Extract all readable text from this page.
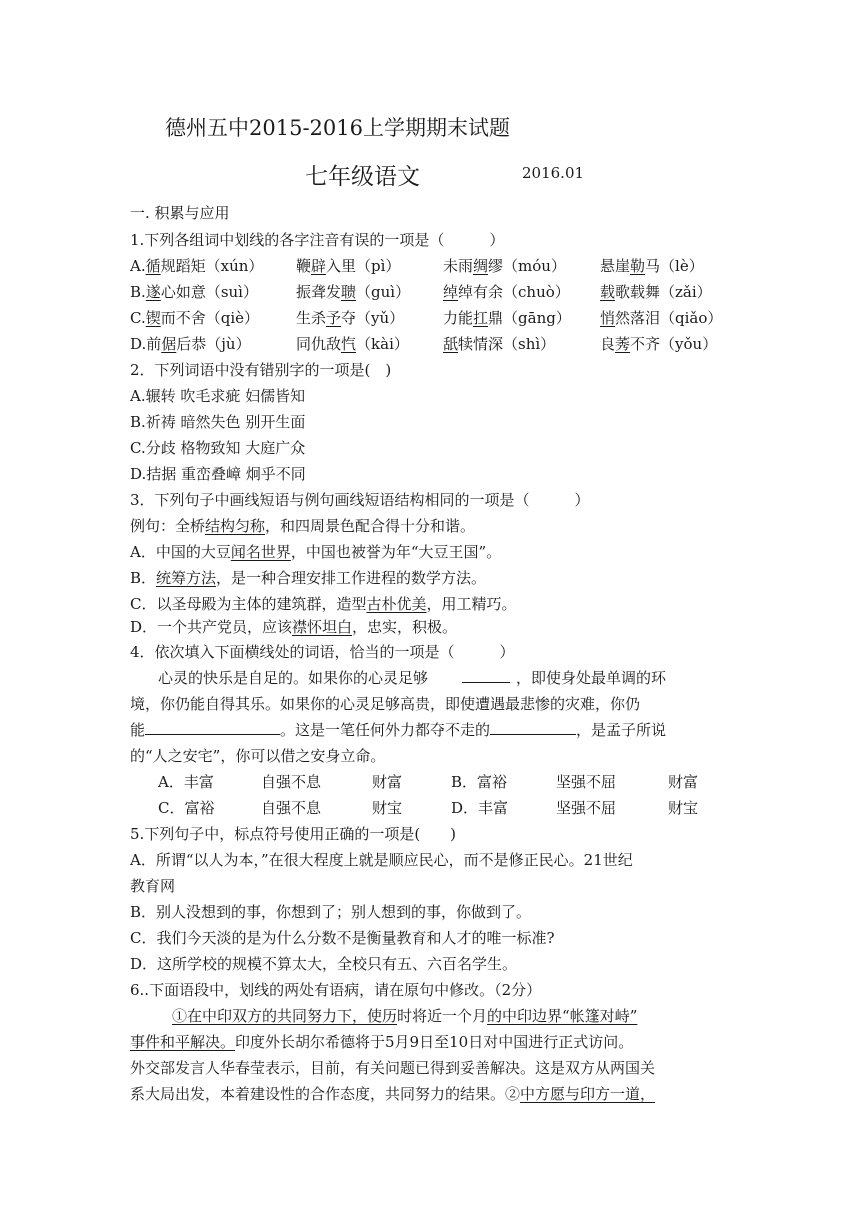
德州五中2015-2016上学期期末试题
七年级语文	2016.01
一. 积累与应用
1.下列各组词中划线的各字注音有误的一项是（　　　）
A.循规蹈矩（xún） 鞭辟入里（pì）	未雨绸缪（móu） 悬崖勒马（lè）
B.遂心如意（suì）	振聋发聩（guì） 绰绰有余（chuò） 载歌载舞（zǎi）
C.锲而不舍（qiè） 生杀予夺（yǔ）	力能扛鼎（gāng） 悄然落泪（qiǎo）
D.前倨后恭（jù）	同仇敌忾（kài） 舐犊情深（shì）	良莠不齐（yǒu）
2．下列词语中没有错别字的一项是(　)
A.辗转 吹毛求疵 妇儒皆知
B.祈祷 暗然失色 别开生面
C.分歧 格物致知 大庭广众
D.拮据 重峦叠嶂 炯乎不同
3．下列句子中画线短语与例句画线短语结构相同的一项是（　　　）
例句：全桥结构匀称，和四周景色配合得十分和谐。
A．中国的大豆闻名世界，中国也被誉为年“大豆王国”。
B．统筹方法，是一种合理安排工作进程的数学方法。
C．以圣母殿为主体的建筑群，造型古朴优美，用工精巧。
D．一个共产党员，应该襟怀坦白，忠实，积极。
4．依次填入下面横线处的词语，恰当的一项是（　　　）
心灵的快乐是自足的。如果你的心灵足够	，即使身处最单调的环
境，你仍能自得其乐。如果你的心灵足够高贵，即使遭遇最悲惨的灾难，你仍
能	。这是一笔任何外力都夺不走的	，是孟子所说
的“人之安宅”，你可以借之安身立命。
A．丰富	自强不息	财富	B．富裕	坚强不屈	财富
C．富裕	自强不息	财宝	D．丰富	坚强不屈	财宝
5.下列句子中，标点符号使用正确的一项是(　　)
A．所谓“以人为本，”在很大程度上就是顺应民心，而不是修正民心。21世纪
教育网
B．别人没想到的事，你想到了；别人想到的事，你做到了。
C．我们今天淡的是为什么分数不是衡量教育和人才的唯一标准?
D．这所学校的规模不算太大，全校只有五、六百名学生。
6..下面语段中，划线的两处有语病，请在原句中修改。（2分）
①在中印双方的共同努力下，使历时将近一个月的中印边界“帐篷对峙”
事件和平解决。印度外长胡尔希德将于5月9日至10日对中国进行正式访问。
外交部发言人华春莹表示，目前，有关问题已得到妥善解决。这是双方从两国关
系大局出发，本着建设性的合作态度，共同努力的结果。②中方愿与印方一道，
